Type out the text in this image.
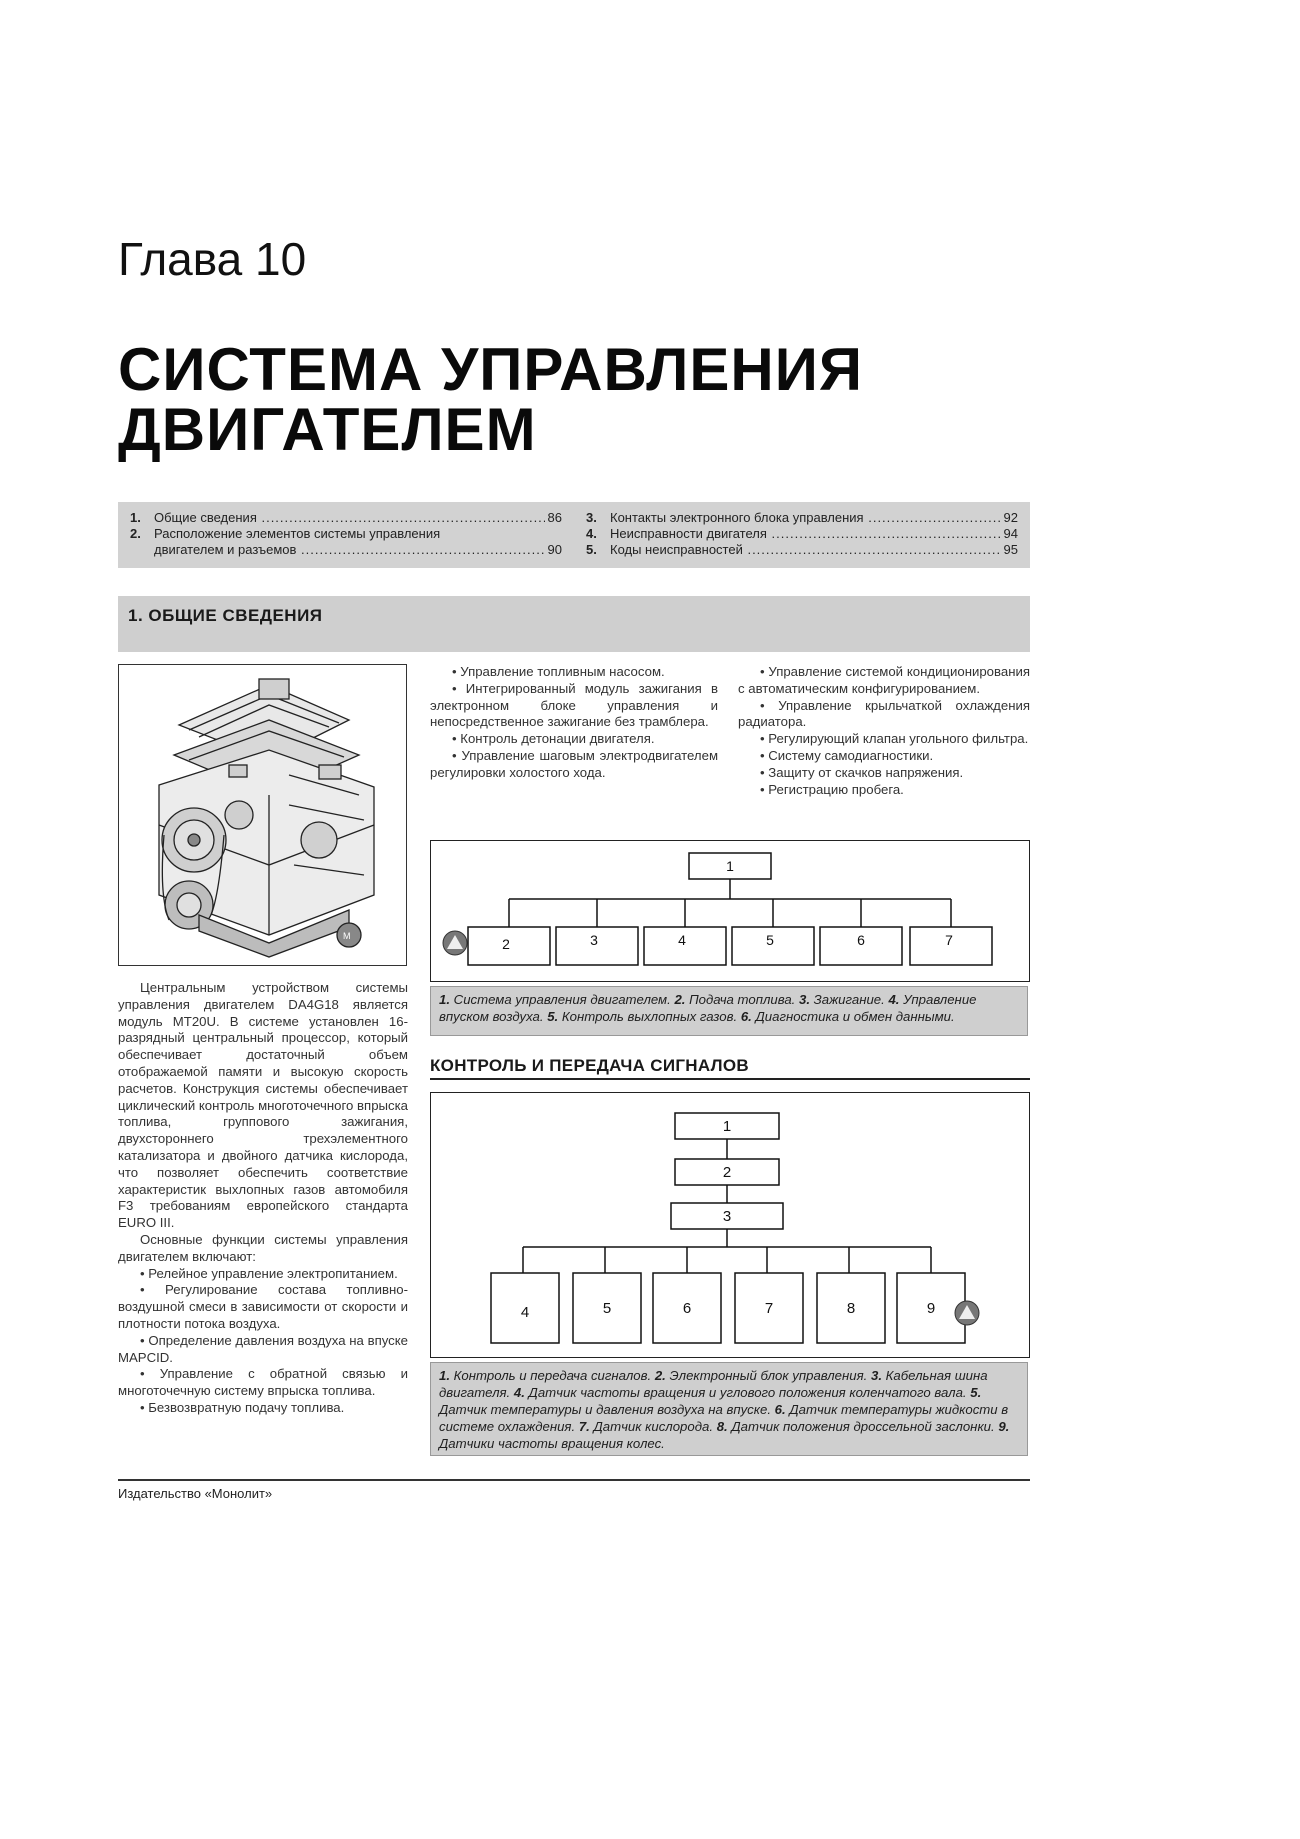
Глава 10
СИСТЕМА УПРАВЛЕНИЯ
ДВИГАТЕЛЕМ
1.	Общие сведения .....	86
2.	Расположение элементов системы управления
двигателем и разъемов .....	90
3.	Контакты электронного блока управления .....	92
4.	Неисправности двигателя .....	94
5.	Коды неисправностей .....	95
1. ОБЩИЕ СВЕДЕНИЯ
M
Центральным устройством системы управления двигателем DA4G18 является модуль MT20U. В системе установлен 16-разрядный центральный процессор, который обеспечивает достаточный объем отображаемой памяти и высокую скорость расчетов. Конструкция системы обеспечивает циклический контроль многоточечного впрыска топлива, группового зажигания, двухстороннего трехэлементного катализатора и двойного датчика кислорода, что позволяет обеспечить соответствие характеристик выхлопных газов автомобиля F3 требованиям европейского стандарта EURO III.
Основные функции системы управления двигателем включают:
• Релейное управление электропитанием.
• Регулирование состава топливно-воздушной смеси в зависимости от скорости и плотности потока воздуха.
• Определение давления воздуха на впуске MAPCID.
• Управление с обратной связью и многоточечную систему впрыска топлива.
• Безвозвратную подачу топлива.
• Управление топливным насосом.
• Интегрированный модуль зажигания в электронном блоке управления и непосредственное зажигание без трамблера.
• Контроль детонации двигателя.
• Управление шаговым электродвигателем регулировки холостого хода.
• Управление системой кондиционирования с автоматическим конфигурированием.
• Управление крыльчаткой охлаждения радиатора.
• Регулирующий клапан угольного фильтра.
• Систему самодиагностики.
• Защиту от скачков напряжения.
• Регистрацию пробега.
1
2	3	4	5	6	7
1. Система управления двигателем. 2. Подача топлива. 3. Зажигание. 4. Управление впуском воздуха. 5. Контроль выхлопных газов. 6. Диагностика и обмен данными.
КОНТРОЛЬ И ПЕРЕДАЧА СИГНАЛОВ
1
2
3
4	5	6	7	8	9
1. Контроль и передача сигналов. 2. Электронный блок управления. 3. Кабельная шина двигателя. 4. Датчик частоты вращения и углового положения коленчатого вала. 5. Датчик температуры и давления воздуха на впуске. 6. Датчик температуры жидкости в системе охлаждения. 7. Датчик кислорода. 8. Датчик положения дроссельной заслонки. 9. Датчики частоты вращения колес.
Издательство «Монолит»
